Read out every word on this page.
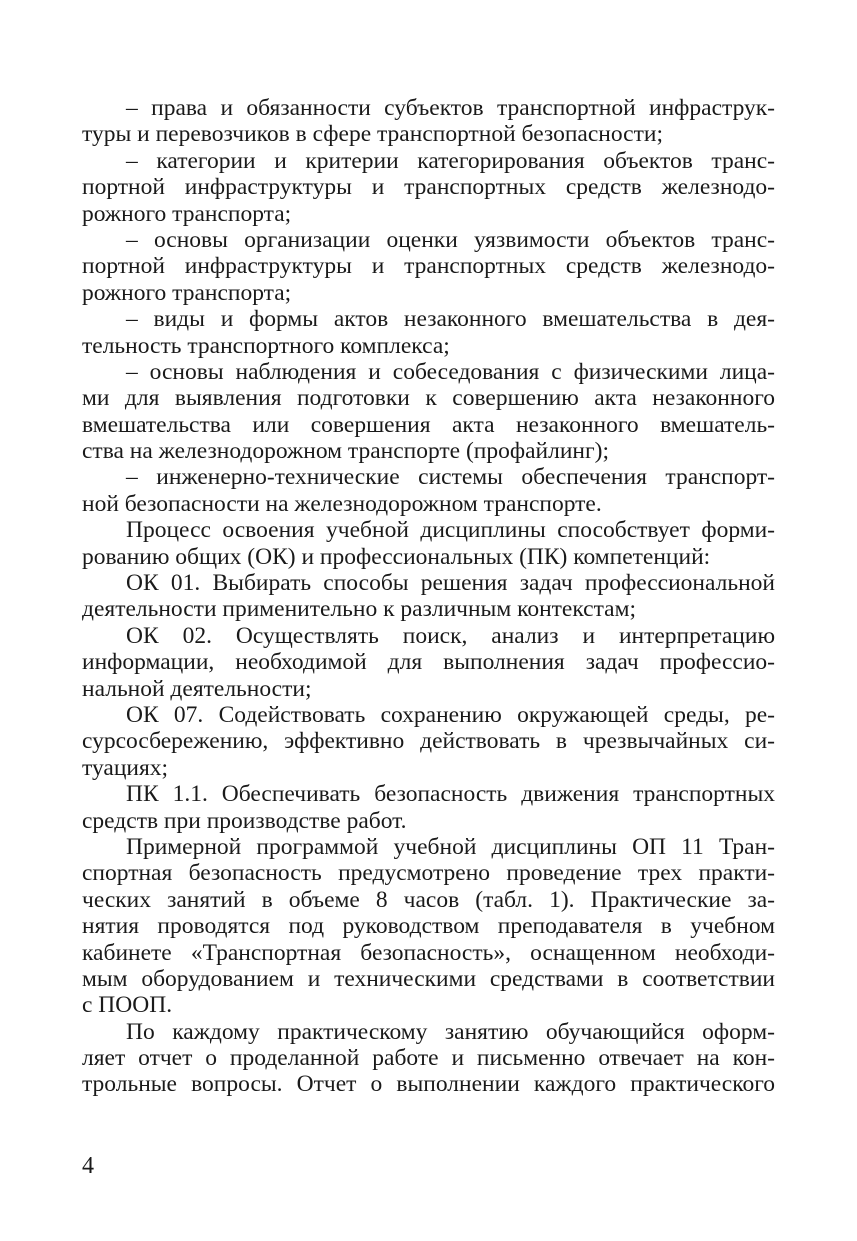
– права и обязанности субъектов транспортной инфраструк-
туры и перевозчиков в сфере транспортной безопасности;
– категории и критерии категорирования объектов транс-
портной инфраструктуры и транспортных средств железнодо-
рожного транспорта;
– основы организации оценки уязвимости объектов транс-
портной инфраструктуры и транспортных средств железнодо-
рожного транспорта;
– виды и формы актов незаконного вмешательства в дея-
тельность транспортного комплекса;
– основы наблюдения и собеседования с физическими лица-
ми для выявления подготовки к совершению акта незаконного
вмешательства или совершения акта незаконного вмешатель-
ства на железнодорожном транспорте (профайлинг);
– инженерно-технические системы обеспечения транспорт-
ной безопасности на железнодорожном транспорте.
Процесс освоения учебной дисциплины способствует форми-
рованию общих (ОК) и профессиональных (ПК) компетенций:
ОК 01. Выбирать способы решения задач профессиональной
деятельности применительно к различным контекстам;
ОК 02. Осуществлять поиск, анализ и интерпретацию
информации, необходимой для выполнения задач профессио-
нальной деятельности;
ОК 07. Содействовать сохранению окружающей среды, ре-
сурсосбережению, эффективно действовать в чрезвычайных си-
туациях;
ПК 1.1. Обеспечивать безопасность движения транспортных
средств при производстве работ.
Примерной программой учебной дисциплины ОП 11 Тран-
спортная безопасность предусмотрено проведение трех практи-
ческих занятий в объеме 8 часов (табл. 1). Практические за-
нятия проводятся под руководством преподавателя в учебном
кабинете «Транспортная безопасность», оснащенном необходи-
мым оборудованием и техническими средствами в соответствии
с ПООП.
По каждому практическому занятию обучающийся оформ-
ляет отчет о проделанной работе и письменно отвечает на кон-
трольные вопросы. Отчет о выполнении каждого практического
4
